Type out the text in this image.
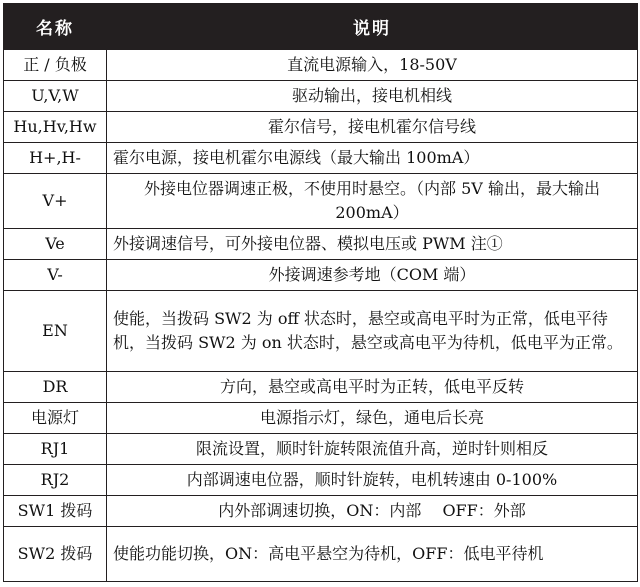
名称	说明
正 / 负极	直流电源输入，18-50V
U,V,W	驱动输出，接电机相线
Hu,Hv,Hw	霍尔信号，接电机霍尔信号线
H+,H-	霍尔电源，接电机霍尔电源线（最大输出 100mA）
V+	外接电位器调速正极，不使用时悬空。（内部 5V 输出，最大输出 200mA）
Ve	外接调速信号，可外接电位器、模拟电压或 PWM 注①
V-	外接调速参考地（COM 端）
EN	使能，当拨码 SW2 为 off 状态时，悬空或高电平时为正常，低电平待机，当拨码 SW2 为 on 状态时，悬空或高电平为待机，低电平为正常。
DR	方向，悬空或高电平时为正转，低电平反转
电源灯	电源指示灯，绿色，通电后长亮
RJ1	限流设置，顺时针旋转限流值升高，逆时针则相反
RJ2	内部调速电位器，顺时针旋转，电机转速由 0-100%
SW1 拨码	内外部调速切换，ON：内部　 OFF：外部
SW2 拨码	使能功能切换，ON：高电平悬空为待机，OFF：低电平待机
